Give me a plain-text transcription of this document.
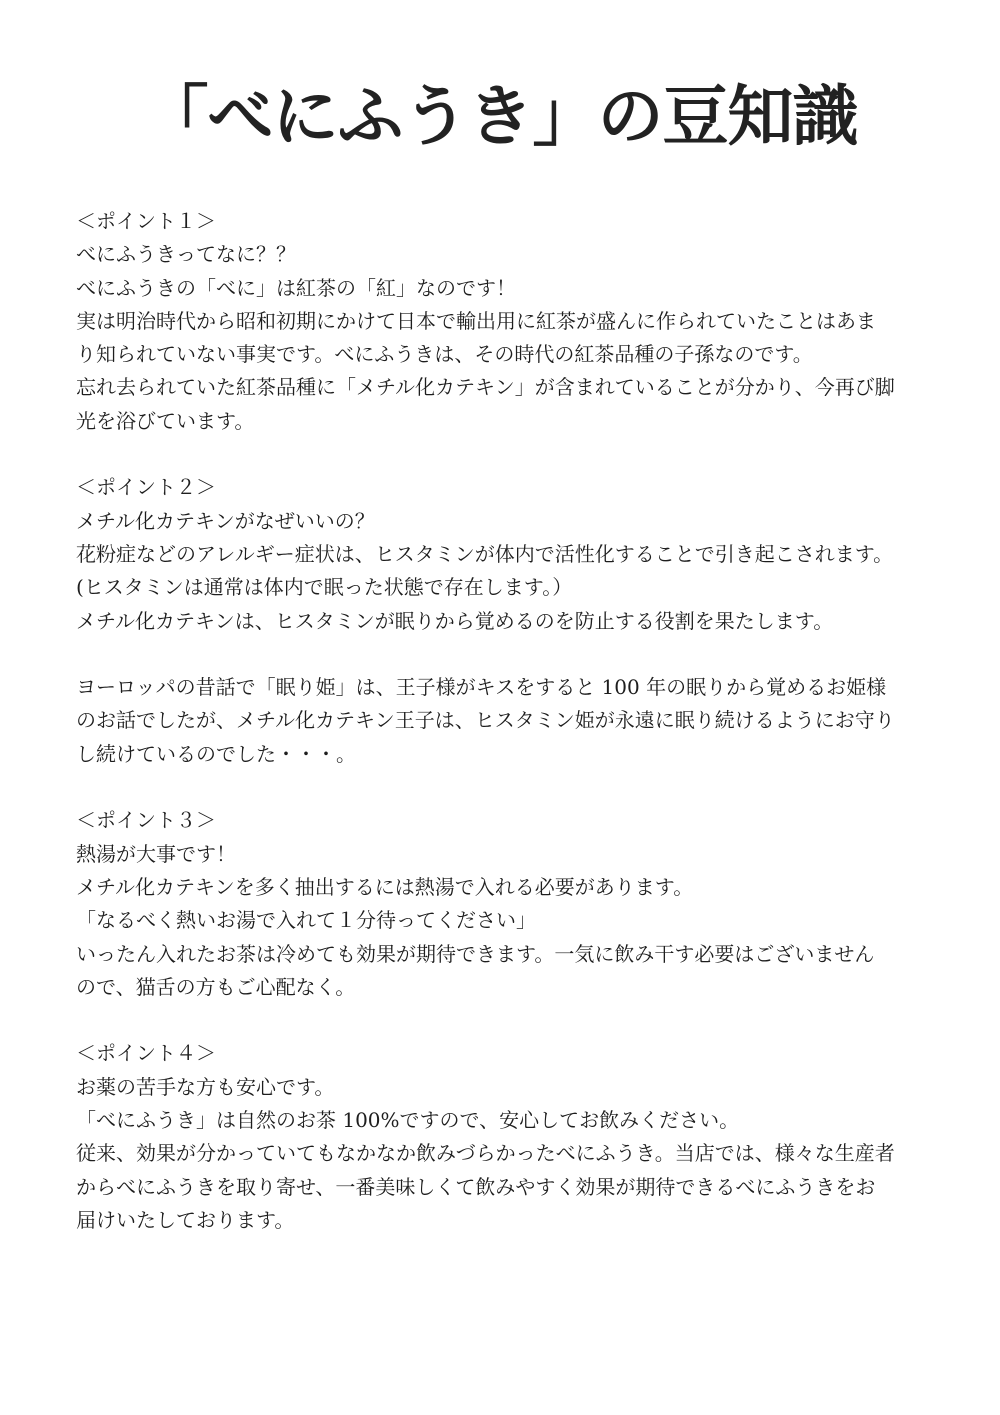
「べにふうき」の豆知識
＜ポイント１＞
べにふうきってなに？？
べにふうきの「べに」は紅茶の「紅」なのです！
実は明治時代から昭和初期にかけて日本で輸出用に紅茶が盛んに作られていたことはあま
り知られていない事実です。べにふうきは、その時代の紅茶品種の子孫なのです。
忘れ去られていた紅茶品種に「メチル化カテキン」が含まれていることが分かり、今再び脚
光を浴びています。
＜ポイント２＞
メチル化カテキンがなぜいいの？
花粉症などのアレルギー症状は、ヒスタミンが体内で活性化することで引き起こされます。
(ヒスタミンは通常は体内で眠った状態で存在します。）
メチル化カテキンは、ヒスタミンが眠りから覚めるのを防止する役割を果たします。
ヨーロッパの昔話で「眠り姫」は、王子様がキスをすると 100 年の眠りから覚めるお姫様
のお話でしたが、メチル化カテキン王子は、ヒスタミン姫が永遠に眠り続けるようにお守り
し続けているのでした・・・。
＜ポイント３＞
熱湯が大事です！
メチル化カテキンを多く抽出するには熱湯で入れる必要があります。
「なるべく熱いお湯で入れて１分待ってください」
いったん入れたお茶は冷めても効果が期待できます。一気に飲み干す必要はございません
ので、猫舌の方もご心配なく。
＜ポイント４＞
お薬の苦手な方も安心です。
「べにふうき」は自然のお茶 100%ですので、安心してお飲みください。
従来、効果が分かっていてもなかなか飲みづらかったべにふうき。当店では、様々な生産者
からべにふうきを取り寄せ、一番美味しくて飲みやすく効果が期待できるべにふうきをお
届けいたしております。
